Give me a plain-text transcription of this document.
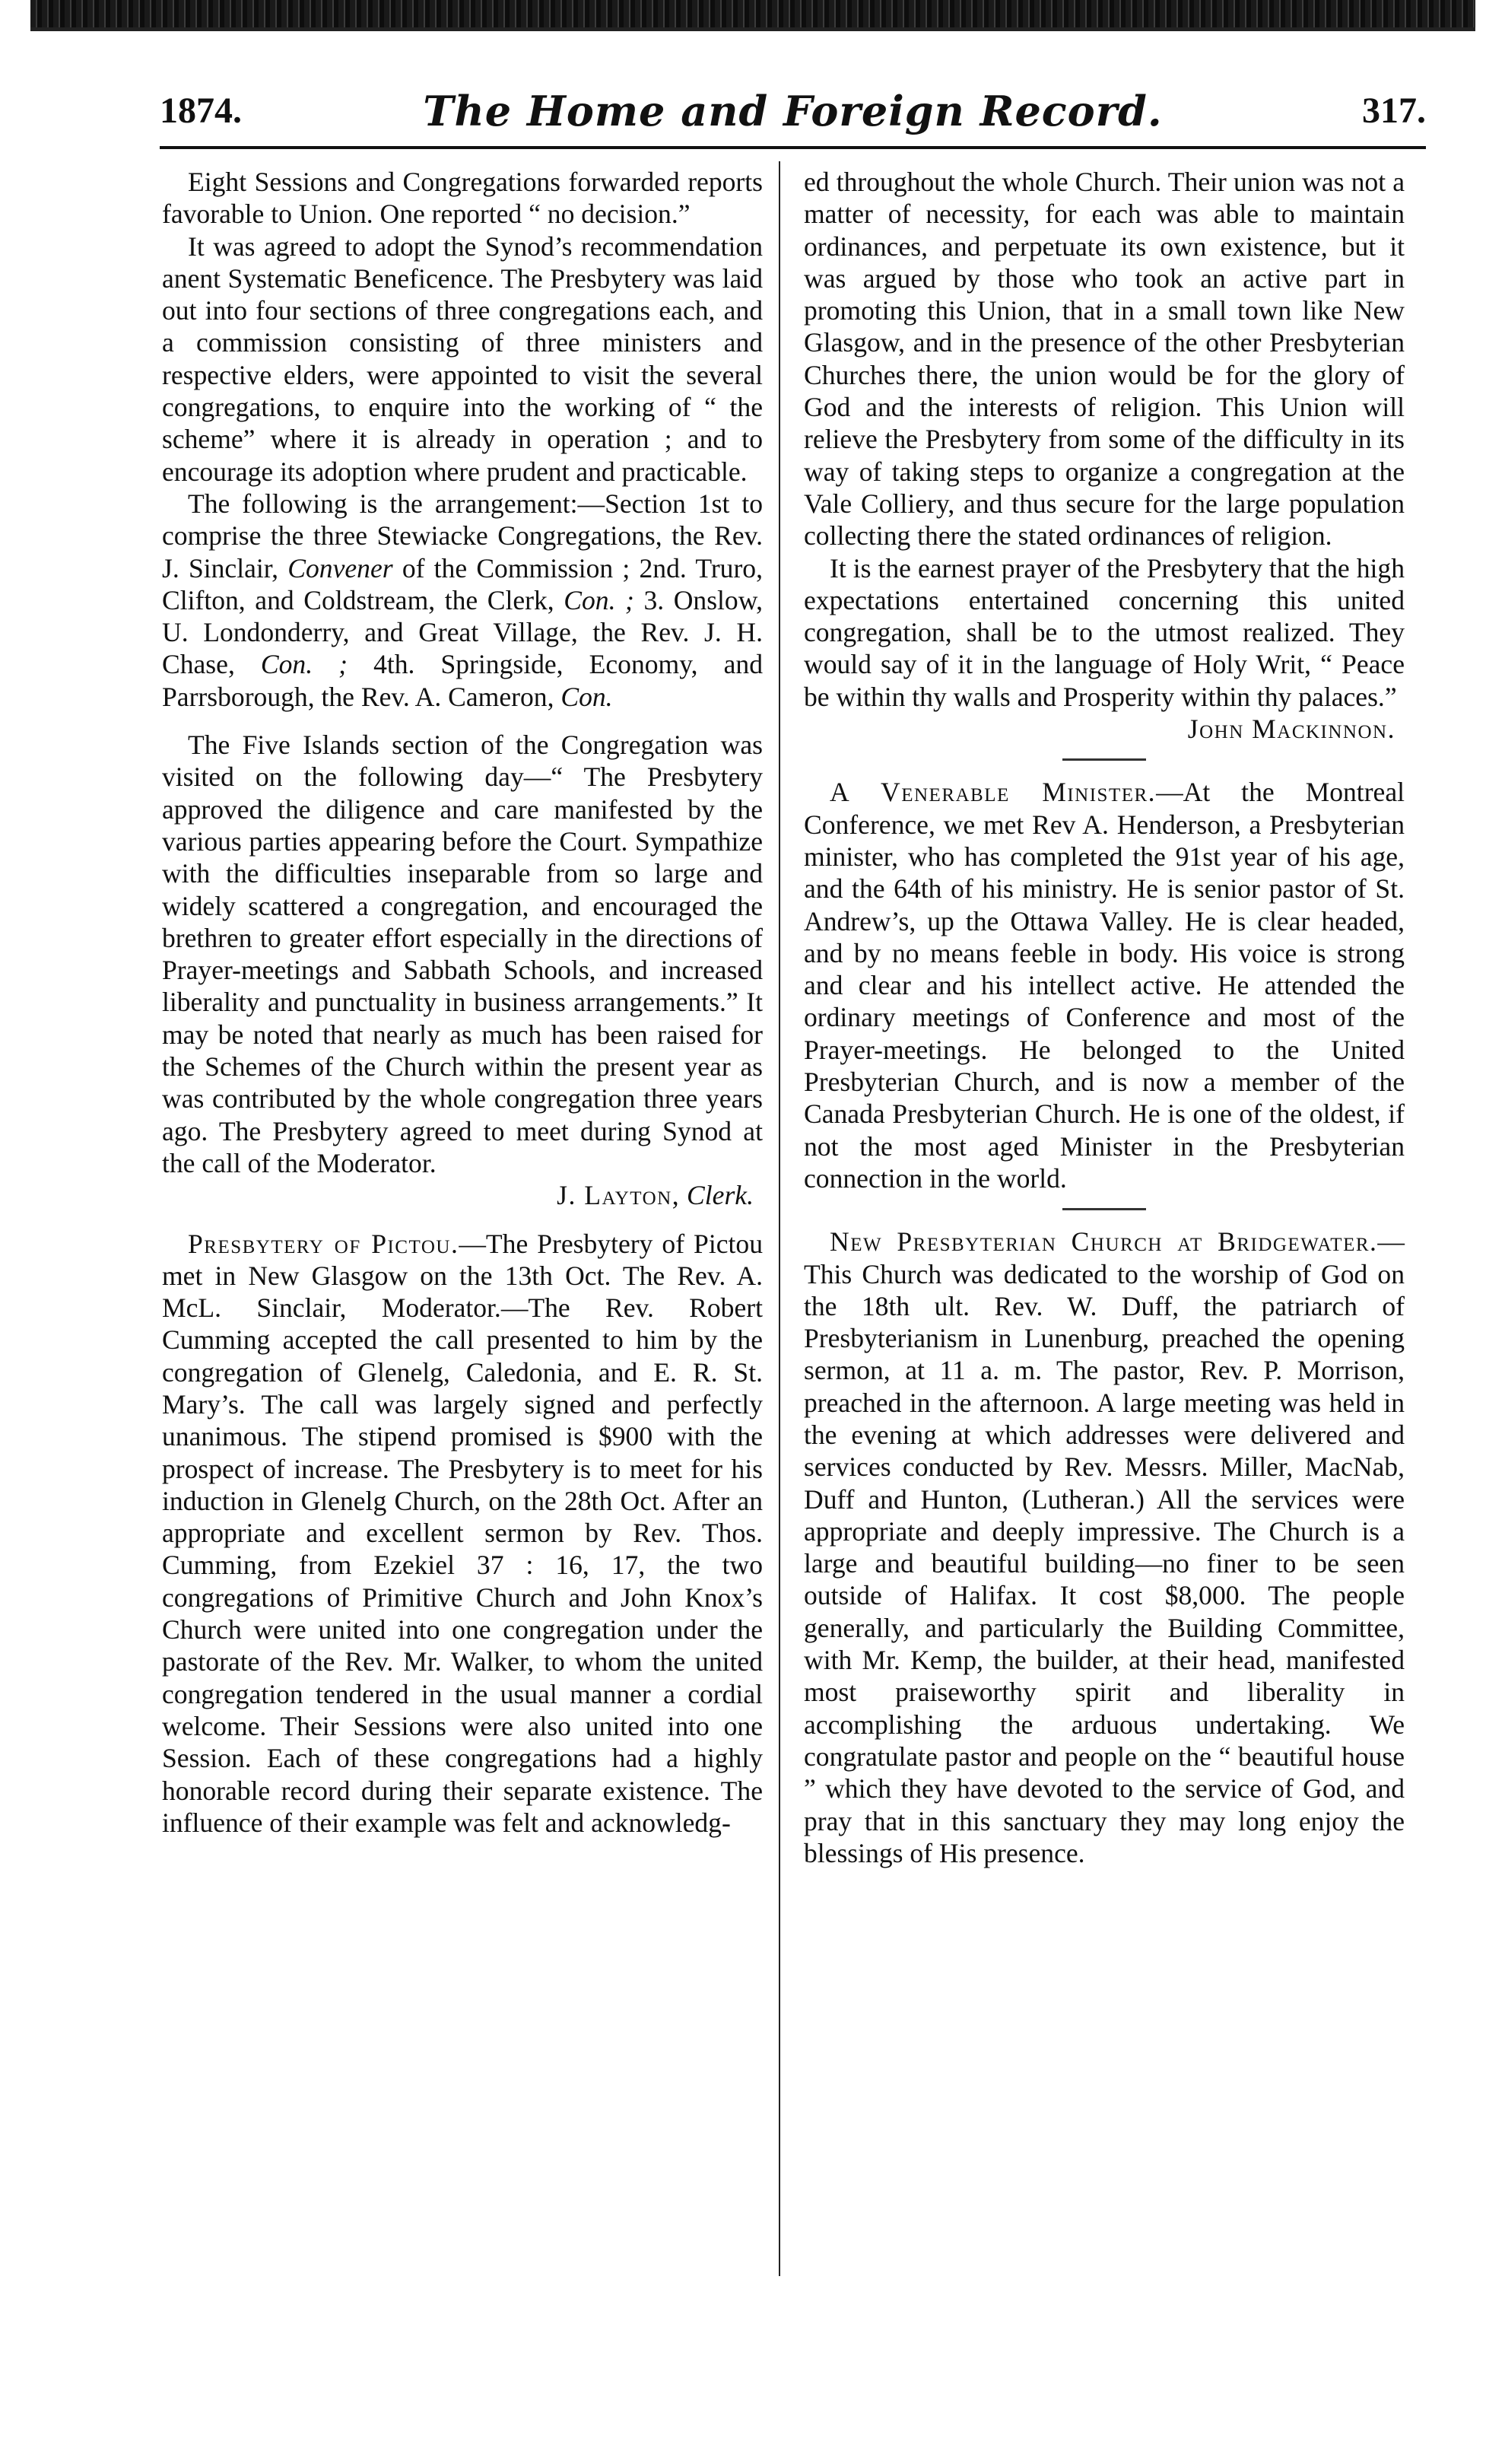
1874.	The Home and Foreign Record.	317.

Eight Sessions and Congregations forwarded reports favorable to Union. One reported “ no decision.”

It was agreed to adopt the Synod’s recommendation anent Systematic Beneficence. The Presbytery was laid out into four sections of three congregations each, and a commission consisting of three ministers and respective elders, were appointed to visit the several congregations, to enquire into the working of “ the scheme” where it is already in operation ; and to encourage its adoption where prudent and practicable.

The following is the arrangement:—Section 1st to comprise the three Stewiacke Congregations, the Rev. J. Sinclair, Convener of the Commission ; 2nd. Truro, Clifton, and Coldstream, the Clerk, Con. ; 3. Onslow, U. Londonderry, and Great Village, the Rev. J. H. Chase, Con. ; 4th. Springside, Economy, and Parrsborough, the Rev. A. Cameron, Con.

The Five Islands section of the Congregation was visited on the following day—“ The Presbytery approved the diligence and care manifested by the various parties appearing before the Court. Sympathize with the difficulties inseparable from so large and widely scattered a congregation, and encouraged the brethren to greater effort especially in the directions of Prayer-meetings and Sabbath Schools, and increased liberality and punctuality in business arrangements.” It may be noted that nearly as much has been raised for the Schemes of the Church within the present year as was contributed by the whole congregation three years ago. The Presbytery agreed to meet during Synod at the call of the Moderator.

J. Layton, Clerk.

Presbytery of Pictou.—The Presbytery of Pictou met in New Glasgow on the 13th Oct. The Rev. A. McL. Sinclair, Moderator.—The Rev. Robert Cumming accepted the call presented to him by the congregation of Glenelg, Caledonia, and E. R. St. Mary’s. The call was largely signed and perfectly unanimous. The stipend promised is $900 with the prospect of increase. The Presbytery is to meet for his induction in Glenelg Church, on the 28th Oct. After an appropriate and excellent sermon by Rev. Thos. Cumming, from Ezekiel 37 : 16, 17, the two congregations of Primitive Church and John Knox’s Church were united into one congregation under the pastorate of the Rev. Mr. Walker, to whom the united congregation tendered in the usual manner a cordial welcome. Their Sessions were also united into one Session. Each of these congregations had a highly honorable record during their separate existence. The influence of their example was felt and acknowledg-

ed throughout the whole Church. Their union was not a matter of necessity, for each was able to maintain ordinances, and perpetuate its own existence, but it was argued by those who took an active part in promoting this Union, that in a small town like New Glasgow, and in the presence of the other Presbyterian Churches there, the union would be for the glory of God and the interests of religion. This Union will relieve the Presbytery from some of the difficulty in its way of taking steps to organize a congregation at the Vale Colliery, and thus secure for the large population collecting there the stated ordinances of religion.

It is the earnest prayer of the Presbytery that the high expectations entertained concerning this united congregation, shall be to the utmost realized. They would say of it in the language of Holy Writ, “ Peace be within thy walls and Prosperity within thy palaces.”

John Mackinnon.

A Venerable Minister.—At the Montreal Conference, we met Rev A. Henderson, a Presbyterian minister, who has completed the 91st year of his age, and the 64th of his ministry. He is senior pastor of St. Andrew’s, up the Ottawa Valley. He is clear headed, and by no means feeble in body. His voice is strong and clear and his intellect active. He attended the ordinary meetings of Conference and most of the Prayer-meetings. He belonged to the United Presbyterian Church, and is now a member of the Canada Presbyterian Church. He is one of the oldest, if not the most aged Minister in the Presbyterian connection in the world.

New Presbyterian Church at Bridgewater.—This Church was dedicated to the worship of God on the 18th ult. Rev. W. Duff, the patriarch of Presbyterianism in Lunenburg, preached the opening sermon, at 11 a. m. The pastor, Rev. P. Morrison, preached in the afternoon. A large meeting was held in the evening at which addresses were delivered and services conducted by Rev. Messrs. Miller, MacNab, Duff and Hunton, (Lutheran.) All the services were appropriate and deeply impressive. The Church is a large and beautiful building—no finer to be seen outside of Halifax. It cost $8,000. The people generally, and particularly the Building Committee, with Mr. Kemp, the builder, at their head, manifested most praiseworthy spirit and liberality in accomplishing the arduous undertaking. We congratulate pastor and people on the “ beautiful house ” which they have devoted to the service of God, and pray that in this sanctuary they may long enjoy the blessings of His presence.
